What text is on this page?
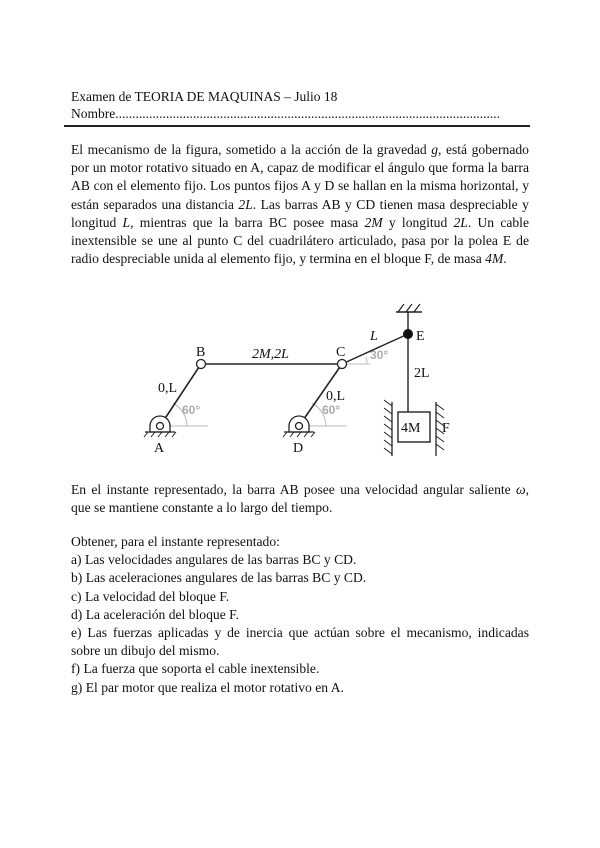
Examen de TEORIA DE MAQUINAS – Julio 18
Nombre..................................................................................................................
El mecanismo de la figura, sometido a la acción de la gravedad g, está gobernado por un motor rotativo situado en A, capaz de modificar el ángulo que forma la barra AB con el elemento fijo. Los puntos fijos A y D se hallan en la misma horizontal, y están separados una distancia 2L. Las barras AB y CD tienen masa despreciable y longitud L, mientras que la barra BC posee masa 2M y longitud 2L. Un cable inextensible se une al punto C del cuadrilátero articulado, pasa por la polea E de radio despreciable unida al elemento fijo, y termina en el bloque F, de masa 4M.
60°	60°
30°
B	C
A	D
E
F
0,L
2M,2L
0,L
L
2L
4M
En el instante representado, la barra AB posee una velocidad angular saliente ω, que se mantiene constante a lo largo del tiempo.
Obtener, para el instante representado:
a) Las velocidades angulares de las barras BC y CD.
b) Las aceleraciones angulares de las barras BC y CD.
c) La velocidad del bloque F.
d) La aceleración del bloque F.
e) Las fuerzas aplicadas y de inercia que actúan sobre el mecanismo, indicadas sobre un dibujo del mismo.
f) La fuerza que soporta el cable inextensible.
g) El par motor que realiza el motor rotativo en A.
